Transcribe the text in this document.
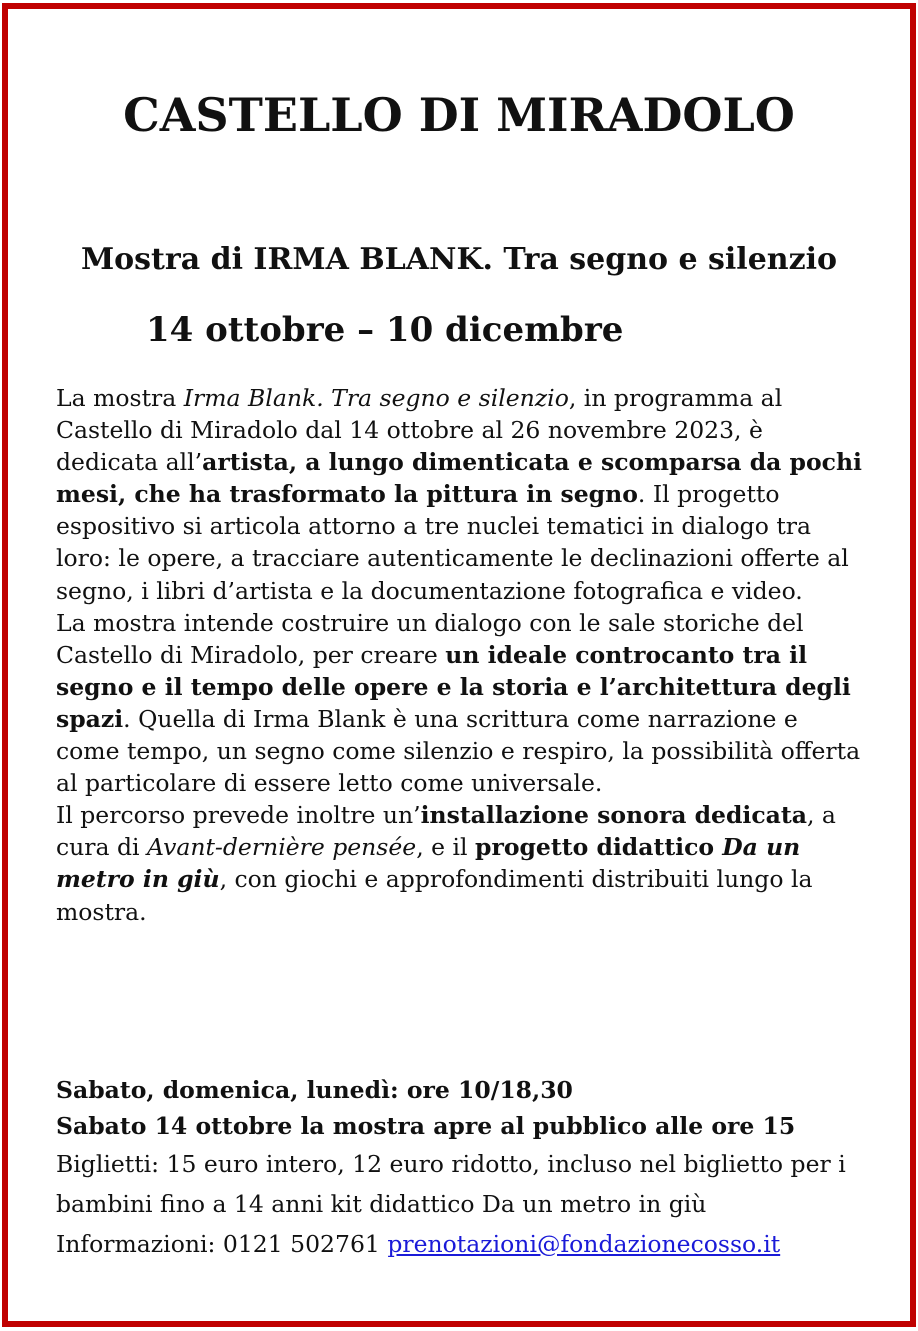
CASTELLO DI MIRADOLO
Mostra di IRMA BLANK. Tra segno e silenzio
14 ottobre – 10 dicembre

La mostra Irma Blank. Tra segno e silenzio, in programma al Castello di Miradolo dal 14 ottobre al 26 novembre 2023, è dedicata all’artista, a lungo dimenticata e scomparsa da pochi mesi, che ha trasformato la pittura in segno. Il progetto espositivo si articola attorno a tre nuclei tematici in dialogo tra loro: le opere, a tracciare autenticamente le declinazioni offerte al segno, i libri d’artista e la documentazione fotografica e video.

La mostra intende costruire un dialogo con le sale storiche del Castello di Miradolo, per creare un ideale controcanto tra il segno e il tempo delle opere e la storia e l’architettura degli spazi. Quella di Irma Blank è una scrittura come narrazione e come tempo, un segno come silenzio e respiro, la possibilità offerta al particolare di essere letto come universale.

Il percorso prevede inoltre un’installazione sonora dedicata, a cura di Avant-dernière pensée, e il progetto didattico Da un metro in giù, con giochi e approfondimenti distribuiti lungo la mostra.

Sabato, domenica, lunedì: ore 10/18,30

Sabato 14 ottobre la mostra apre al pubblico alle ore 15

Biglietti: 15 euro intero, 12 euro ridotto, incluso nel biglietto per i bambini fino a 14 anni kit didattico Da un metro in giù

Informazioni: 0121 502761 prenotazioni@fondazionecosso.it
